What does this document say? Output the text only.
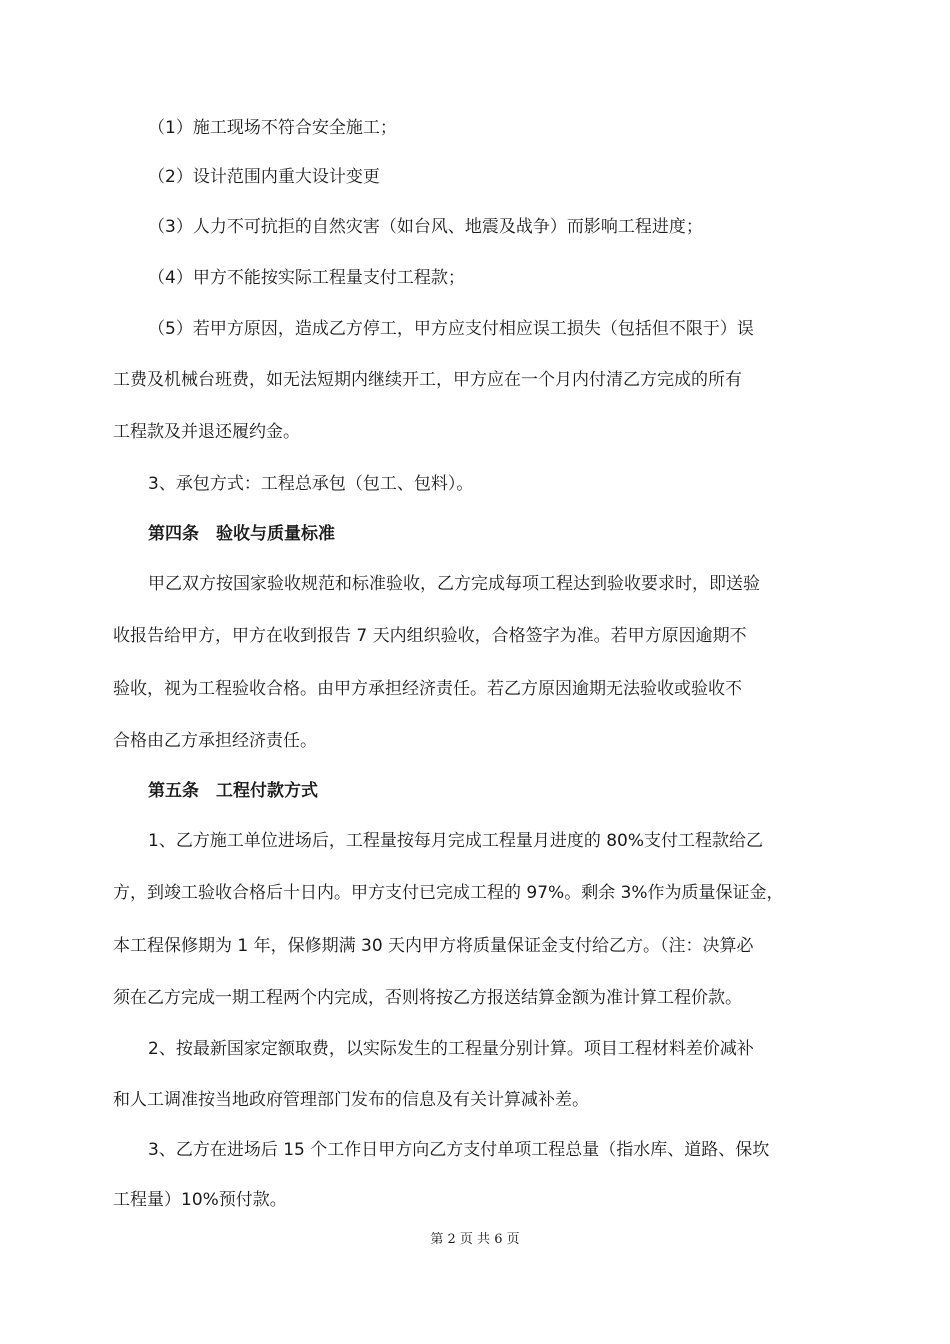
（1）施工现场不符合安全施工；
（2）设计范围内重大设计变更
（3）人力不可抗拒的自然灾害（如台风、地震及战争）而影响工程进度；
（4）甲方不能按实际工程量支付工程款；
（5）若甲方原因，造成乙方停工，甲方应支付相应误工损失（包括但不限于）误
工费及机械台班费，如无法短期内继续开工，甲方应在一个月内付清乙方完成的所有
工程款及并退还履约金。
3、承包方式：工程总承包（包工、包料）。
第四条　验收与质量标准
甲乙双方按国家验收规范和标准验收，乙方完成每项工程达到验收要求时，即送验
收报告给甲方，甲方在收到报告 7 天内组织验收，合格签字为准。若甲方原因逾期不
验收，视为工程验收合格。由甲方承担经济责任。若乙方原因逾期无法验收或验收不
合格由乙方承担经济责任。
第五条　工程付款方式
1、乙方施工单位进场后，工程量按每月完成工程量月进度的 80%支付工程款给乙
方，到竣工验收合格后十日内。甲方支付已完成工程的 97%。剩余 3%作为质量保证金，
本工程保修期为 1 年，保修期满 30 天内甲方将质量保证金支付给乙方。（注：决算必
须在乙方完成一期工程两个内完成，否则将按乙方报送结算金额为准计算工程价款。
2、按最新国家定额取费，以实际发生的工程量分别计算。项目工程材料差价减补
和人工调准按当地政府管理部门发布的信息及有关计算减补差。
3、乙方在进场后 15 个工作日甲方向乙方支付单项工程总量（指水库、道路、保坎
工程量）10%预付款。
第 2 页 共 6 页
